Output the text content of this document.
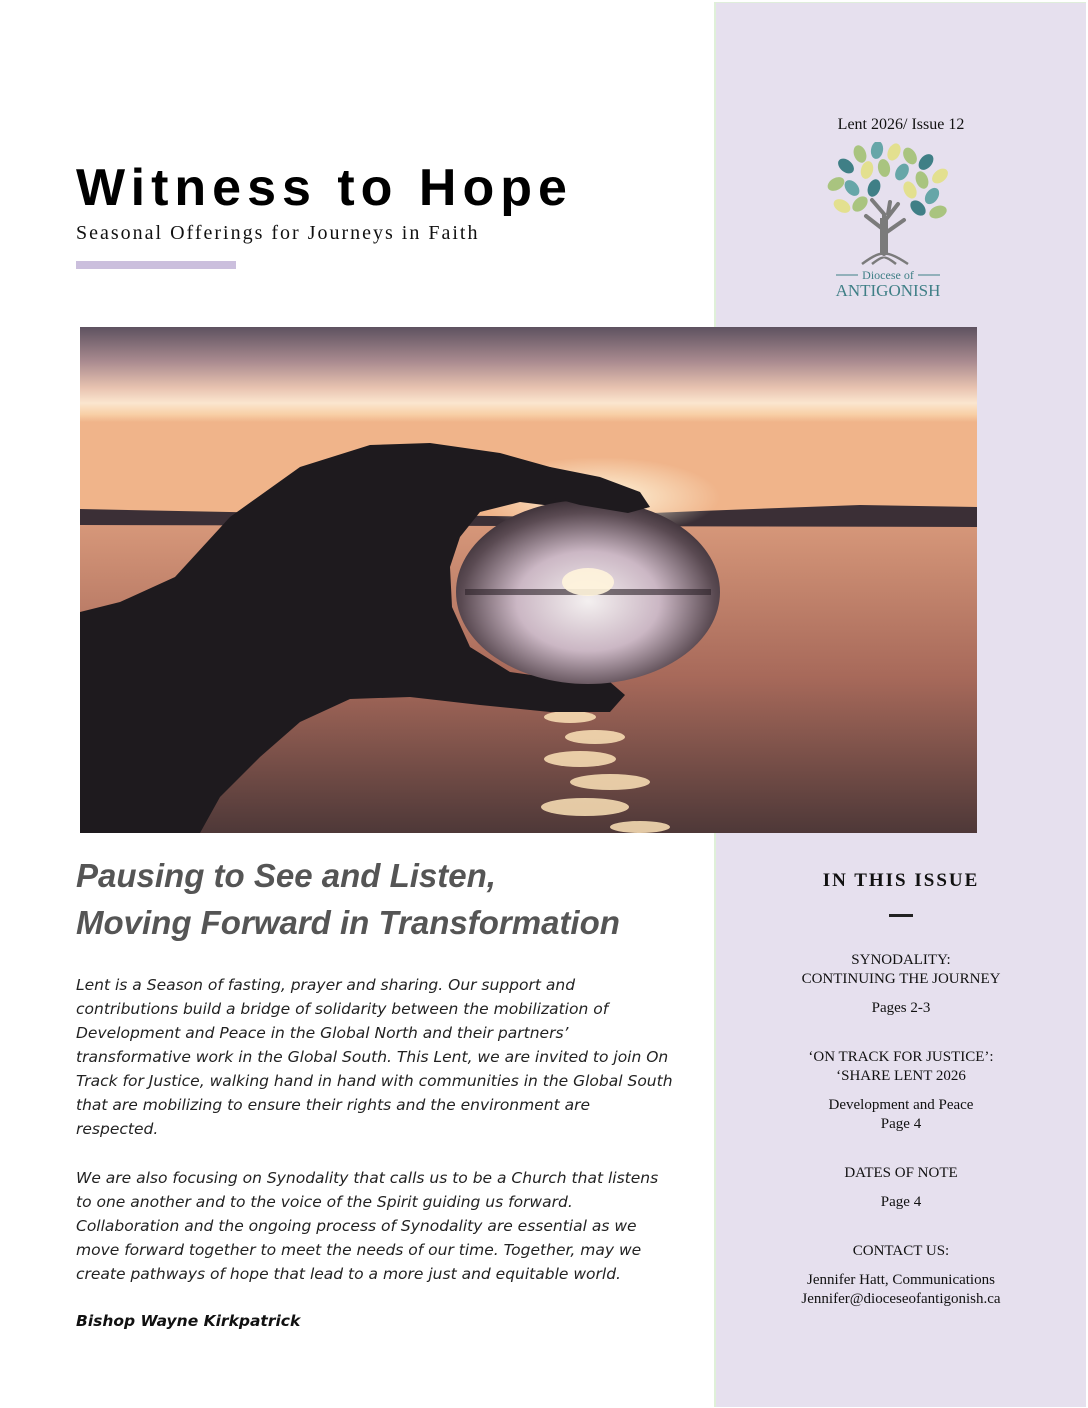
Lent 2026/ Issue 12
Diocese of
ANTIGONISH
Witness to Hope
Seasonal Offerings for Journeys in Faith
Pausing to See and Listen,
Moving Forward in Transformation
Lent is a Season of fasting, prayer and sharing. Our support and contributions build a bridge of solidarity between the mobilization of Development and Peace in the Global North and their partners’ transformative work in the Global South. This Lent, we are invited to join On Track for Justice, walking hand in hand with communities in the Global South that are mobilizing to ensure their rights and the environment are respected.
We are also focusing on Synodality that calls us to be a Church that listens to one another and to the voice of the Spirit guiding us forward. Collaboration and the ongoing process of Synodality are essential as we move forward together to meet the needs of our time. Together, may we create pathways of hope that lead to a more just and equitable world.
Bishop Wayne Kirkpatrick
IN THIS ISSUE
SYNODALITY:
CONTINUING THE JOURNEY
Pages 2-3
‘ON TRACK FOR JUSTICE’:
‘SHARE LENT 2026
Development and Peace
Page 4
DATES OF NOTE
Page 4
CONTACT US:
Jennifer Hatt, Communications
Jennifer@dioceseofantigonish.ca
